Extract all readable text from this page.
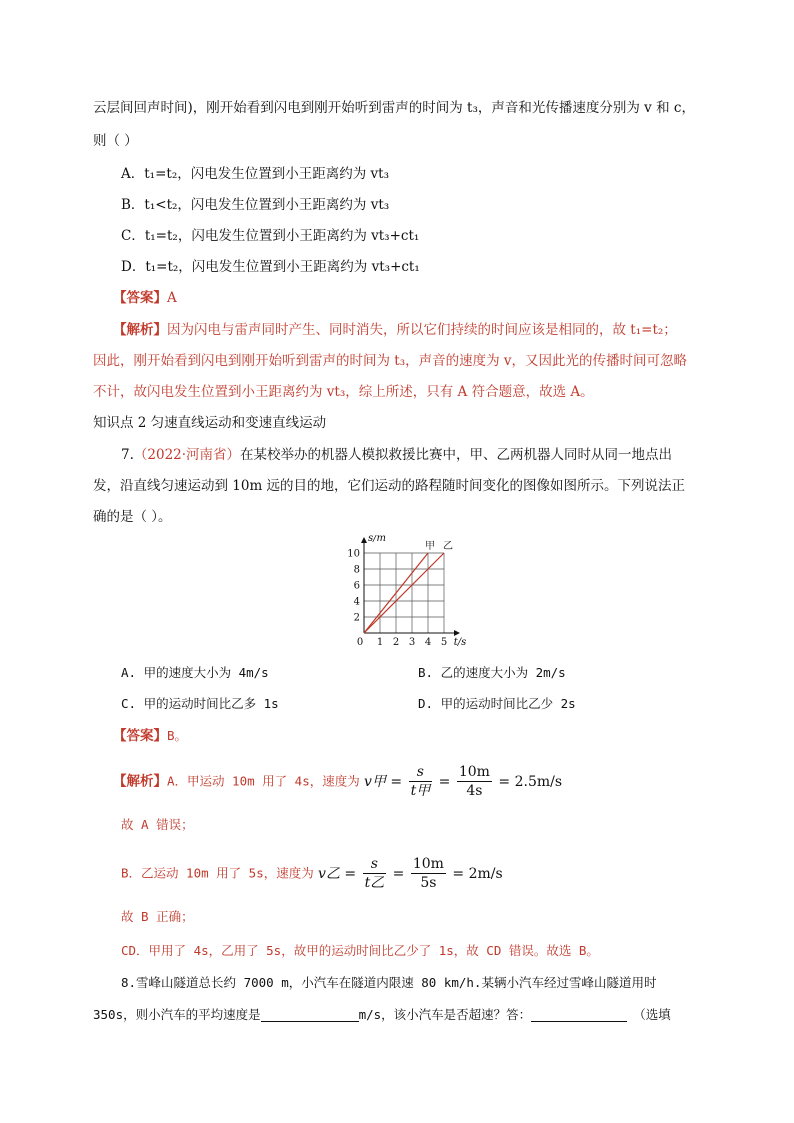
云层间回声时间)，刚开始看到闪电到刚开始听到雷声的时间为 t₃，声音和光传播速度分别为 v 和 c，
则（ ）
A．t₁=t₂，闪电发生位置到小王距离约为 vt₃
B．t₁<t₂，闪电发生位置到小王距离约为 vt₃
C．t₁=t₂，闪电发生位置到小王距离约为 vt₃+ct₁
D．t₁=t₂，闪电发生位置到小王距离约为 vt₃+ct₁
【答案】A
【解析】因为闪电与雷声同时产生、同时消失，所以它们持续的时间应该是相同的，故 t₁=t₂；
因此，刚开始看到闪电到刚开始听到雷声的时间为 t₃，声音的速度为 v，又因此光的传播时间可忽略
不计，故闪电发生位置到小王距离约为 vt₃，综上所述，只有 A 符合题意，故选 A。
知识点 2 匀速直线运动和变速直线运动
7.（2022·河南省）在某校举办的机器人模拟救援比赛中，甲、乙两机器人同时从同一地点出
发，沿直线匀速运动到 10m 远的目的地，它们运动的路程随时间变化的图像如图所示。下列说法正
确的是（ ）。
甲 乙
0 1 2 3 4 5
2
4
6
8
10
t/s
s/m
A. 甲的速度大小为 4m/s	B. 乙的速度大小为 2m/s
C. 甲的运动时间比乙多 1s	D. 甲的运动时间比乙少 2s
【答案】B。
【解析】A．甲运动 10m 用了 4s，速度为 v甲 = $\frac{s}{\text{t甲}} = \frac{10m}{4s} = 2.5m/s$
故 A 错误；
B．乙运动 10m 用了 5s，速度为 v乙 = $\frac{s}{\text{t乙}} = \frac{10m}{5s} = 2m/s$
故 B 正确；
CD．甲用了 4s，乙用了 5s，故甲的运动时间比乙少了 1s，故 CD 错误。故选 B。
8.雪峰山隧道总长约 7000 m，小汽车在隧道内限速 80 km/h.某辆小汽车经过雪峰山隧道用时
350s，则小汽车的平均速度是	m/s，该小汽车是否超速？答：	（选填
